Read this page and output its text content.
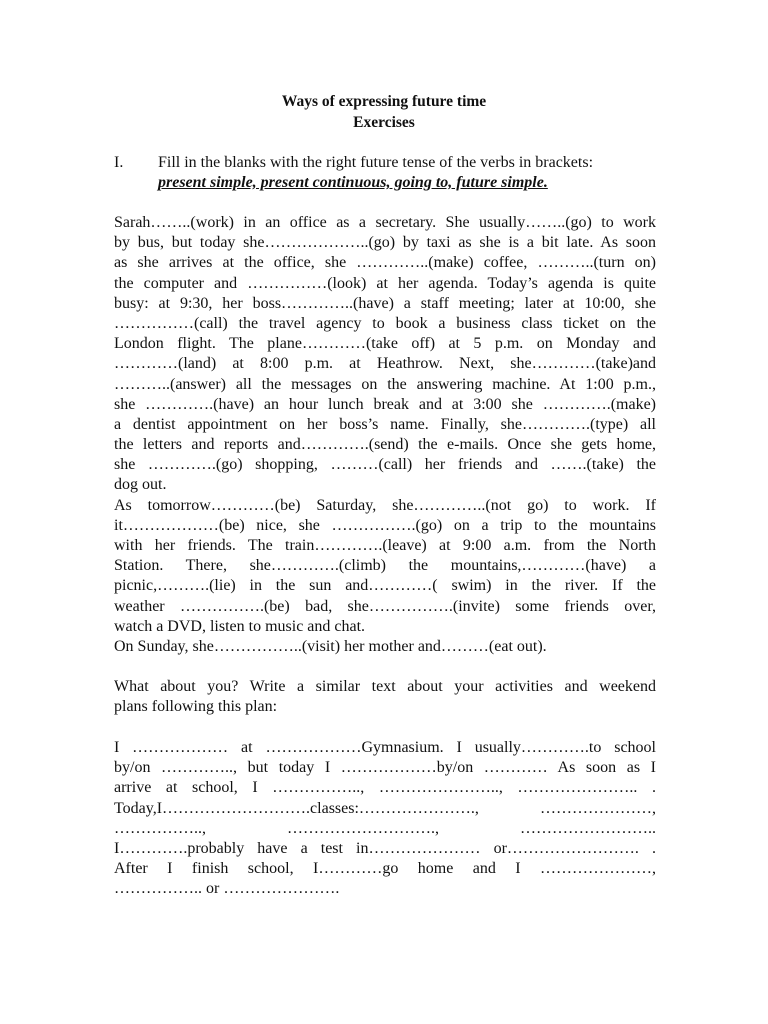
Ways of expressing future time
Exercises
I. Fill in the blanks with the right future tense of the verbs in brackets:
present simple, present continuous, going to, future simple.
Sarah……..(work) in an office as a secretary. She usually……..(go) to work
by bus, but today she………………..(go) by taxi as she is a bit late. As soon
as she arrives at the office, she …………..(make) coffee, ………..(turn on)
the computer and ……………(look) at her agenda. Today’s agenda is quite
busy: at 9:30, her boss…………..(have) a staff meeting; later at 10:00, she
……………(call) the travel agency to book a business class ticket on the
London flight. The plane…………(take off) at 5 p.m. on Monday and
…………(land) at 8:00 p.m. at Heathrow. Next, she…………(take)and
………..(answer) all the messages on the answering machine. At 1:00 p.m.,
she ………….(have) an hour lunch break and at 3:00 she ………….(make)
a dentist appointment on her boss’s name. Finally, she………….(type) all
the letters and reports and………….(send) the e-mails. Once she gets home,
she ………….(go) shopping, ………(call) her friends and …….(take) the
dog out.
As tomorrow…………(be) Saturday, she…………..(not go) to work. If
it………………(be) nice, she …………….(go) on a trip to the mountains
with her friends. The train………….(leave) at 9:00 a.m. from the North
Station. There, she………….(climb) the mountains,…………(have) a
picnic,……….(lie) in the sun and…………( swim) in the river. If the
weather …………….(be) bad, she…………….(invite) some friends over,
watch a DVD, listen to music and chat.
On Sunday, she……………..(visit) her mother and………(eat out).
What about you? Write a similar text about your activities and weekend
plans following this plan:
I ……………… at ………………Gymnasium. I usually………….to school
by/on ………….., but today I ………………by/on ………… As soon as I
arrive at school, I …………….., ………………….., ………………….. .
Today,I……………………….classes:…………………., …………………,
…………….., ………………………., ……………………..
I………….probably have a test in………………… or……………………. .
After I finish school, I…………go home and I …………………,
…………….. or ………………….
